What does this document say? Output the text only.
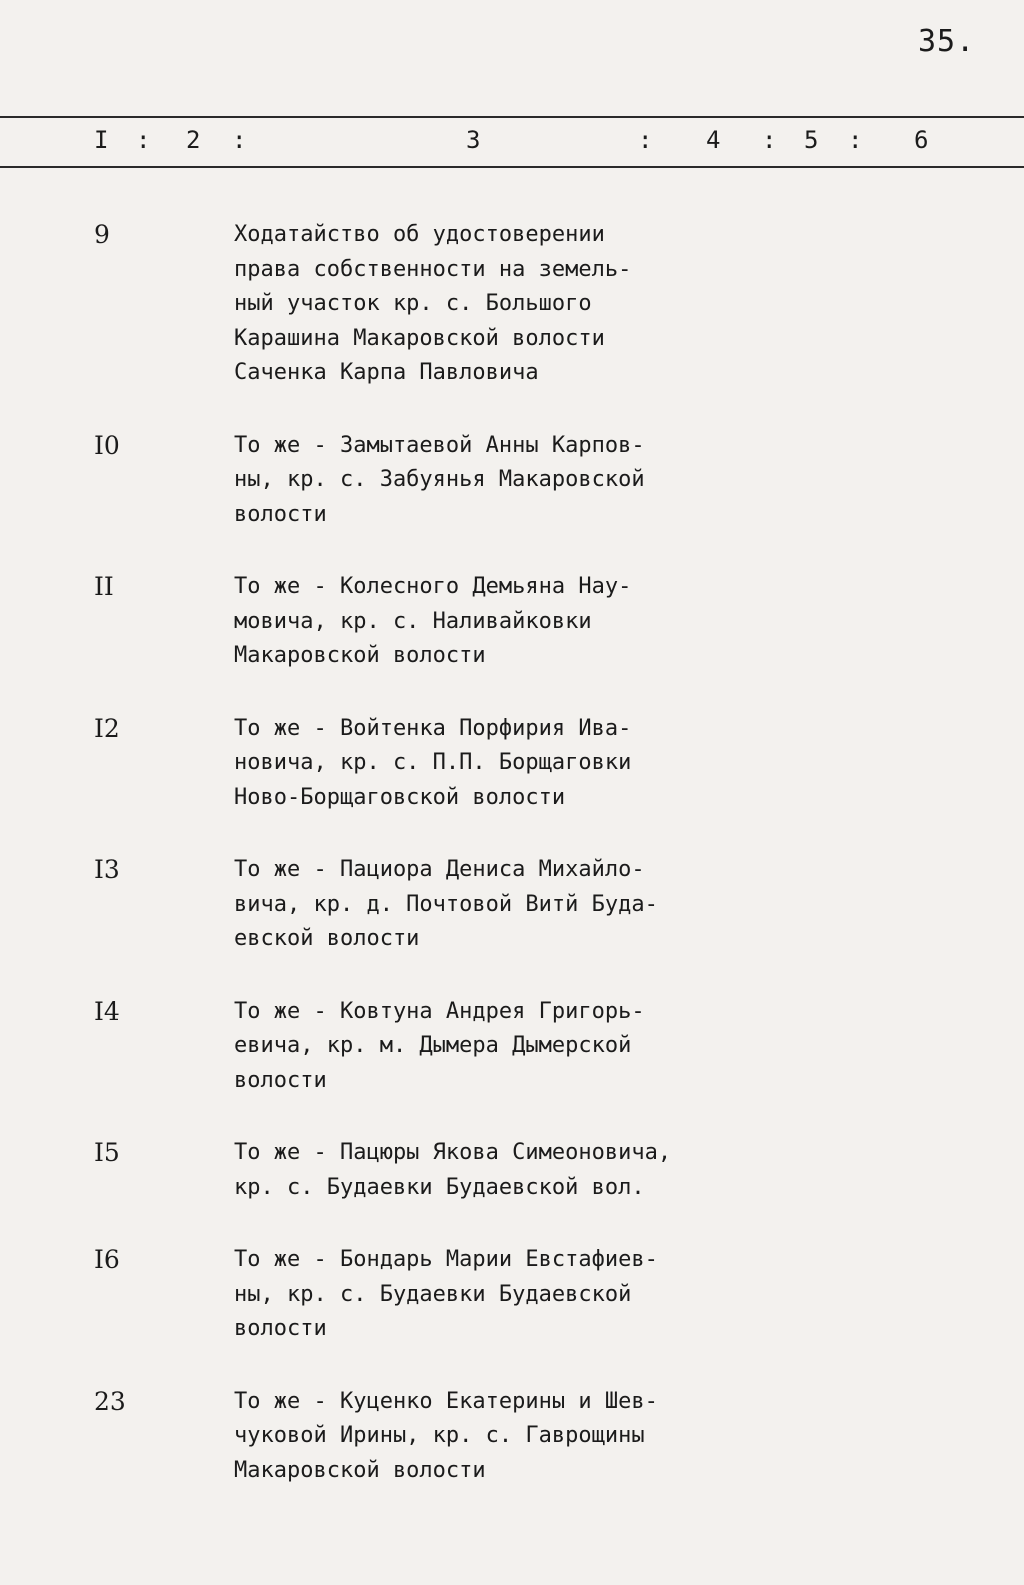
35.
I : 2 :	3	: 4 : 5 : 6
9	Ходатайство об удостоверении
права собственности на земель-
ный участок кр. с. Большого
Карашина Макаровской волости
Саченка Карпа Павловича
I0	То же - Замытаевой Анны Карпов-
ны, кр. с. Забуянья Макаровской
волости
II	То же - Колесного Демьяна Нау-
мовича, кр. с. Наливайковки
Макаровской волости
I2	То же - Войтенка Порфирия Ива-
новича, кр. с. П.П. Борщаговки
Ново-Борщаговской волости
I3	То же - Пациора Дениса Михайло-
вича, кр. д. Почтовой Витй Буда-
евской волости
I4	То же - Ковтуна Андрея Григорь-
евича, кр. м. Дымера Дымерской
волости
I5	То же - Пацюры Якова Симеоновича,
кр. с. Будаевки Будаевской вол.
I6	То же - Бондарь Марии Евстафиев-
ны, кр. с. Будаевки Будаевской
волости
23	То же - Куценко Екатерины и Шев-
чуковой Ирины, кр. с. Гаврощины
Макаровской волости
